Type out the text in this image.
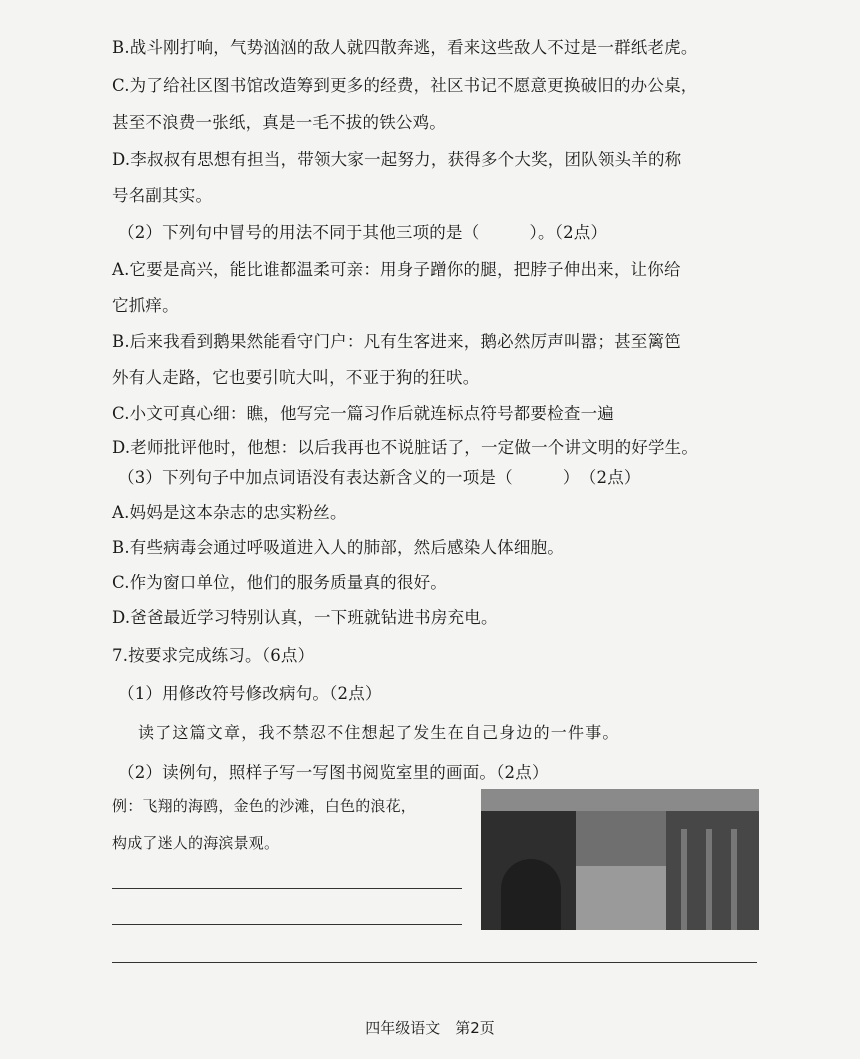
B.战斗刚打响，气势汹汹的敌人就四散奔逃，看来这些敌人不过是一群纸老虎。
C.为了给社区图书馆改造筹到更多的经费，社区书记不愿意更换破旧的办公桌，
甚至不浪费一张纸，真是一毛不拔的铁公鸡。
D.李叔叔有思想有担当，带领大家一起努力，获得多个大奖，团队领头羊的称
号名副其实。
（2）下列句中冒号的用法不同于其他三项的是（　　　）。（2点）
A.它要是高兴，能比谁都温柔可亲：用身子蹭你的腿，把脖子伸出来，让你给
它抓痒。
B.后来我看到鹅果然能看守门户：凡有生客进来，鹅必然厉声叫嚣；甚至篱笆
外有人走路，它也要引吭大叫，不亚于狗的狂吠。
C.小文可真心细：瞧，他写完一篇习作后就连标点符号都要检查一遍
D.老师批评他时，他想：以后我再也不说脏话了，一定做一个讲文明的好学生。
（3）下列句子中加点词语没有表达新含义的一项是（　　　）　（2点）
A.妈妈是这本杂志的忠实粉丝。
B.有些病毒会通过呼吸道进入人的肺部，然后感染人体细胞。
C.作为窗口单位，他们的服务质量真的很好。
D.爸爸最近学习特别认真，一下班就钻进书房充电。
7.按要求完成练习。（6点）
（1）用修改符号修改病句。（2点）
读了这篇文章，我不禁忍不住想起了发生在自己身边的一件事。
（2）读例句，照样子写一写图书阅览室里的画面。（2点）
例：飞翔的海鸥，金色的沙滩，白色的浪花，
构成了迷人的海滨景观。
四年级语文　第2页
